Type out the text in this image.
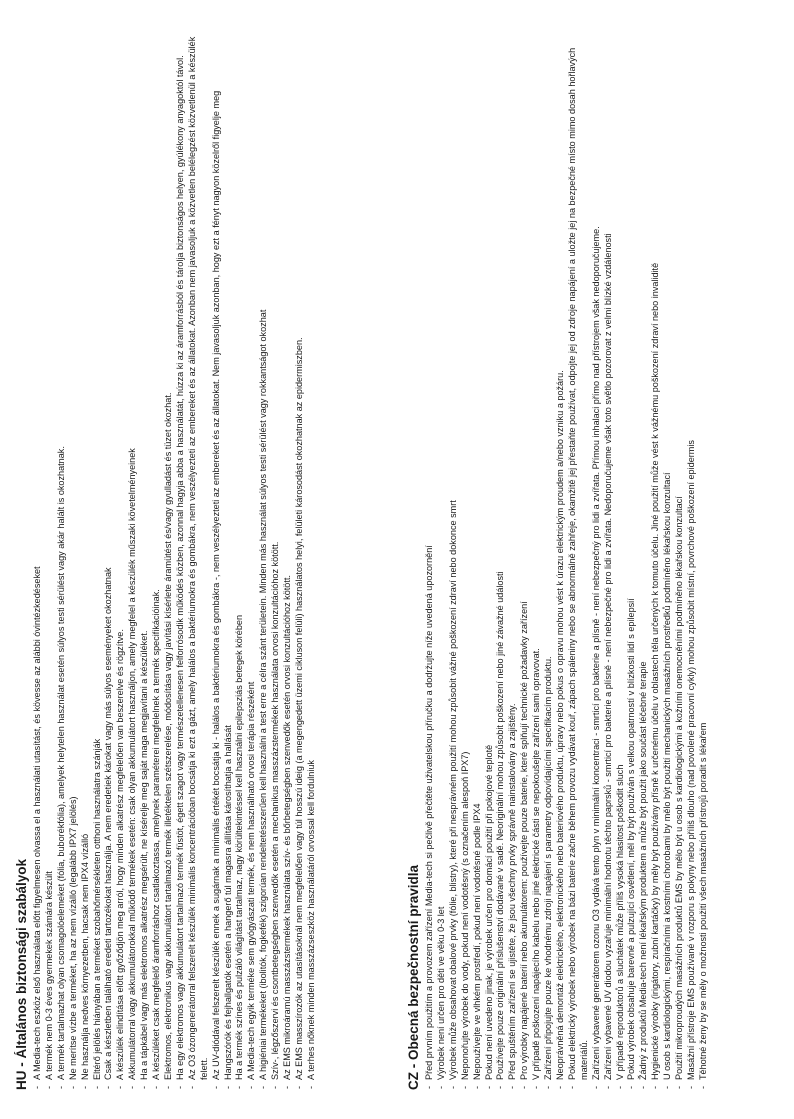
HU - Általános biztonsági szabályok - A Media-tech eszköz első használata előtt figyelmesen olvassa el a használati utasítást, és kövesse az alábbi óvintézkedéseket - A termék nem 0-3 éves gyermekek számára készült - A termék tartalmazhat olyan csomagolóelemeket (fólia, buborékfólia), amelyek helytelen használat esetén súlyos testi sérülést vagy akár halált is okozhatnak. - Ne merítse vízbe a terméket, ha az nem vízálló (legalább IPX7 jelölés) - Ne használja nedves környezetben, hacsak nem IPX4 vízálló - Eltérő jelölés hiányában a terméket szobahőmérsékleten otthoni használatra szánják - Csak a készletben található eredeti tartozékokat használja. A nem eredetiek károkat vagy más súlyos eseményeket okozhatnak - A készülék elindítása előtt győződjön meg arról, hogy minden alkatrész megfelelően van beszerelve és rögzítve. - Akkumulátorral vagy akkumulátorokkal működő termékek esetén: csak olyan akkumulátort használjon, amely megfelel a készülék műszaki követelményeinek - Ha a tápkábel vagy más elektromos alkatrész megsérült, ne kísérelje meg saját maga megjavítani a készüléket. - A készüléket csak megfelelő áramforráshoz csatlakoztassa, amelynek paraméterei megfelelnek a termék specifikációinak. - Elektromos, elektronikus vagy akkumulátort tartalmazó termék illetéktelen szétszerelése, módosítása vagy javítási kísérlete áramütést és/vagy gyulladást és tüzet okozhat. - Ha egy elektromos vagy akkumulátort tartalmazó termék füstöt, égett szagot vagy természetellenesen felforrósodik működés közben, azonnal hagyja abba a használatát, húzza ki az áramforrásból és tárolja biztonságos helyen, gyúlékony anyagoktól távol. - Az O3 ózongenerátorral felszerelt készülék minimális koncentrációban bocsátja ki ezt a gázt, amely halálos a baktériumokra és gombákra, nem veszélyezteti az embereket és az állatokat. Azonban nem javasoljuk a közvetlen belélegzést közvetlenül a készülék felett. - Az UV-diódával felszerelt készülék ennek a sugárnak a minimális értékét bocsátja ki - halálos a baktériumokra és gombákra -, nem veszélyezteti az embereket és az állatokat. Nem javasoljuk azonban, hogy ezt a fényt nagyon közelről figyelje meg - Hangszórók és fejhallgatók esetén a hangerő túl magasra állítása károsíthatja a hallását - Ha a termék színes és pulzáló világítást tartalmaz, nagy körültekintéssel kell használni epilepsziás betegek körében - A Media-tech egyik terméke sem gyógyászati termék, és nem használható orvosi terápia részeként - A higiéniai termékeket (ibolitók, fogkefék) szigorúan rendeltetésszerűen kell használni a test erre a célra szánt területein. Minden más használat súlyos testi sérülést vagy rokkantságot okozhat - Szív-, légzőszervi és csontbetegségben szenvedők esetén a mechanikus masszázstermékek használata orvosi konzultációhoz kötött. - Az EMS mikroáramú masszázstermékek használata szív- és bőrbetegségben szenvedők esetén orvosi konzultációhoz kötött. - Az EMS masszírozók az utasításoknál nem megfelelően vagy túl hosszú ideig (a megengedett üzemi cikluson felüli) használatos helyi, felületi károsodást okozhatnak az epidermiszben. - A terhes nőknek minden masszázseszköz használatáról orvossal kell fordulniuk	CZ - Obecná bezpečnostní pravidla - Před prvním použitím a provozem zařízení Media-tech si pečlivě přečtěte uživatelskou příručku a dodržujte níže uvedená upozornění - Výrobek není určen pro děti ve věku 0-3 let - Výrobek může obsahovat obalové prvky (fólie, blistry), které při nesprávném použití mohou způsobit vážné poškození zdraví nebo dokonce smrt - Neponořujte výrobek do vody, pokud není vodotěsný (s označením alespoň IPX7) - Nepoužívejte ve vlhkém prostředí, pokud není vodotěsné podle IPX4 - Pokud není uvedeno jinak, je výrobek určen pro domácí použití při pokojové teplotě - Používejte pouze originální příslušenství dodávané v sadě. Neoriginální mohou způsobit poškození nebo jiné závažné události - Před spuštěním zařízení se ujistěte, že jsou všechny prvky správně nainstalovány a zajištěny. - Pro výrobky napájené baterií nebo akumulátorem: používejte pouze baterie, které splňují technické požadavky zařízení - V případě poškození napájecího kabelu nebo jiné elektrické části se nepokoušejte zařízení sami opravovat. - Zařízení připojujte pouze ke vhodnému zdroji napájení s parametry odpovídajícími specifikacím produktu. - Neoprávněná demontáž elektrického, elektronického nebo bateriového produktu, úpravy nebo pokus o opravu mohou vést k úrazu elektrickým proudem a/nebo vzniku a požáru. - Pokud elektrický výrobek nebo výrobek na bázi baterie začne během provozu vydávat kouř, zápach spáleniny nebo se abnormálně zahřeje, okamžitě jej přestaňte používat, odpojte jej od zdroje napájení a uložte jej na bezpečné místo mimo dosah hořlavých materiálů. - Zařízení vybavené generátorem ozonu O3 vydává tento plyn v minimální koncentraci - smrticí pro bakterie a plísně - není nebezpečný pro lidi a zvířata. Přímou inhalaci přímo nad přístrojem však nedoporučujeme. - Zařízení vybavené UV diodou vyzařuje minimální hodnotu těchto paprsků - smrticí pro bakterie a plísně - není nebezpečné pro lidi a zvířata. Nedoporučujeme však toto světlo pozorovat z velmi blízké vzdálenosti - V případě reproduktorů a sluchátek může příliš vysoká hlasitost poškodit sluch - Pokud výrobek obsahuje barevné a pulzující osvětlení, měl by být používán s velkou opatrností v blízkosti lidí s epilepsií - Žádný z produktů Media-tech není lékařským produktem a může být použit jako součást léčebné terapie - Hygienické výrobky (irigátory, zubní kartáčky) by měly být používány přísně k určenému účelu v oblastech těla určených k tomuto účelu. Jiné použití může vést k vážnému poškození zdraví nebo invaliditě - U osob s kardiologickými, respiračními a kostními chorobami by mělo být použití mechanických masážních prostředků podmíněno lékařskou konzultací - Použití mikroproudých masážních produktů EMS by mělo být u osob s kardiologickými a kožními onemocněními podmíněno lékařskou konzultací - Masážní přístroje EMS používané v rozporu s pokyny nebo příliš dlouho (nad povolené pracovní cykly) mohou způsobit místní, povrchové poškození epidermis - Těhotné ženy by se měly o možnosti použití všech masážních přístrojů poradit s lékařem
